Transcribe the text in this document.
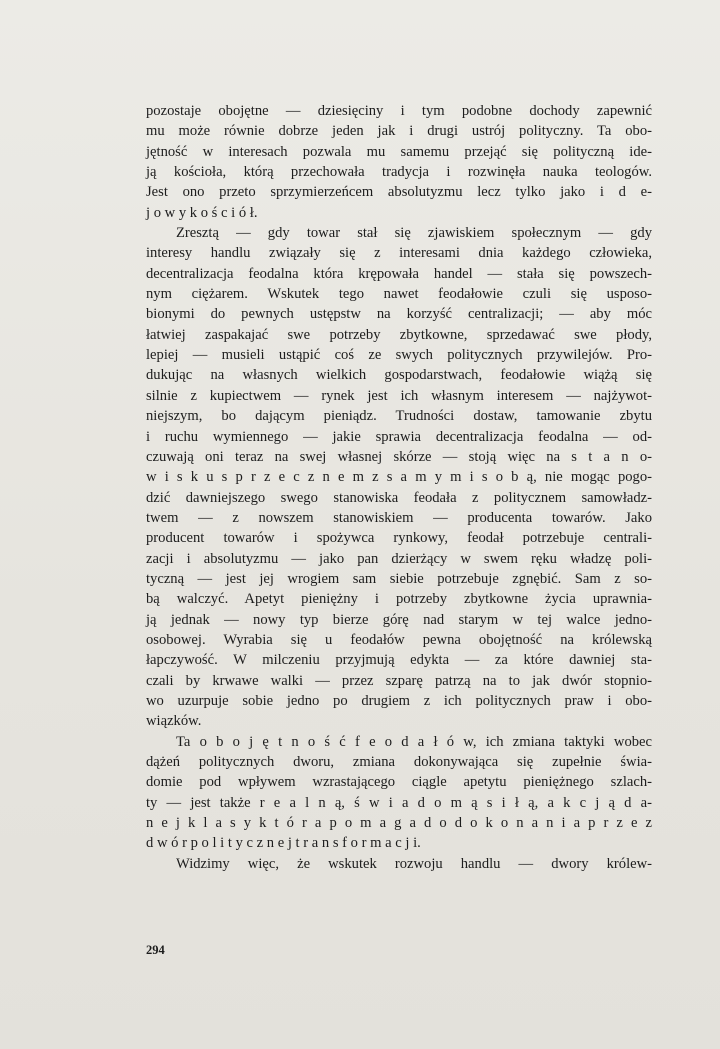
pozostaje obojętne — dziesięciny i tym podobne dochody zapewnić
mu może równie dobrze jeden jak i drugi ustrój polityczny. Ta obo-
jętność w interesach pozwala mu samemu przejąć się polityczną ide-
ją kościoła, którą przechowała tradycja i rozwinęła nauka teologów.
Jest ono przeto sprzymierzeńcem absolutyzmu lecz tylko jako i d e-
j o w y k o ś c i ó ł.
Zresztą — gdy towar stał się zjawiskiem społecznym — gdy
interesy handlu związały się z interesami dnia każdego człowieka,
decentralizacja feodalna która krępowała handel — stała się powszech-
nym ciężarem. Wskutek tego nawet feodałowie czuli się usposo-
bionymi do pewnych ustępstw na korzyść centralizacji; — aby móc
łatwiej zaspakajać swe potrzeby zbytkowne, sprzedawać swe płody,
lepiej — musieli ustąpić coś ze swych politycznych przywilejów. Pro-
dukując na własnych wielkich gospodarstwach, feodałowie wiążą się
silnie z kupiectwem — rynek jest ich własnym interesem — najżywot-
niejszym, bo dającym pieniądz. Trudności dostaw, tamowanie zbytu
i ruchu wymiennego — jakie sprawia decentralizacja feodalna — od-
czuwają oni teraz na swej własnej skórze — stoją więc na s t a n o-
w i s k u s p r z e c z n e m z s a m y m i s o b ą, nie mogąc pogo-
dzić dawniejszego swego stanowiska feodała z politycznem samowładz-
twem — z nowszem stanowiskiem — producenta towarów. Jako
producent towarów i spożywca rynkowy, feodał potrzebuje centrali-
zacji i absolutyzmu — jako pan dzierżący w swem ręku władzę poli-
tyczną — jest jej wrogiem sam siebie potrzebuje zgnębić. Sam z so-
bą walczyć. Apetyt pieniężny i potrzeby zbytkowne życia uprawnia-
ją jednak — nowy typ bierze górę nad starym w tej walce jedno-
osobowej. Wyrabia się u feodałów pewna obojętność na królewską
łapczywość. W milczeniu przyjmują edykta — za które dawniej sta-
czali by krwawe walki — przez szparę patrzą na to jak dwór stopnio-
wo uzurpuje sobie jedno po drugiem z ich politycznych praw i obo-
wiązków.
Ta o b o j ę t n o ś ć f e o d a ł ó w, ich zmiana taktyki wobec
dążeń politycznych dworu, zmiana dokonywająca się zupełnie świa-
domie pod wpływem wzrastającego ciągle apetytu pieniężnego szlach-
ty — jest także r e a l n ą, ś w i a d o m ą s i ł ą, a k c j ą d a-
n e j k l a s y k t ó r a p o m a g a d o d o k o n a n i a p r z e z
d w ó r p o l i t y c z n e j t r a n s f o r m a c j i.
Widzimy więc, że wskutek rozwoju handlu — dwory królew-
294
